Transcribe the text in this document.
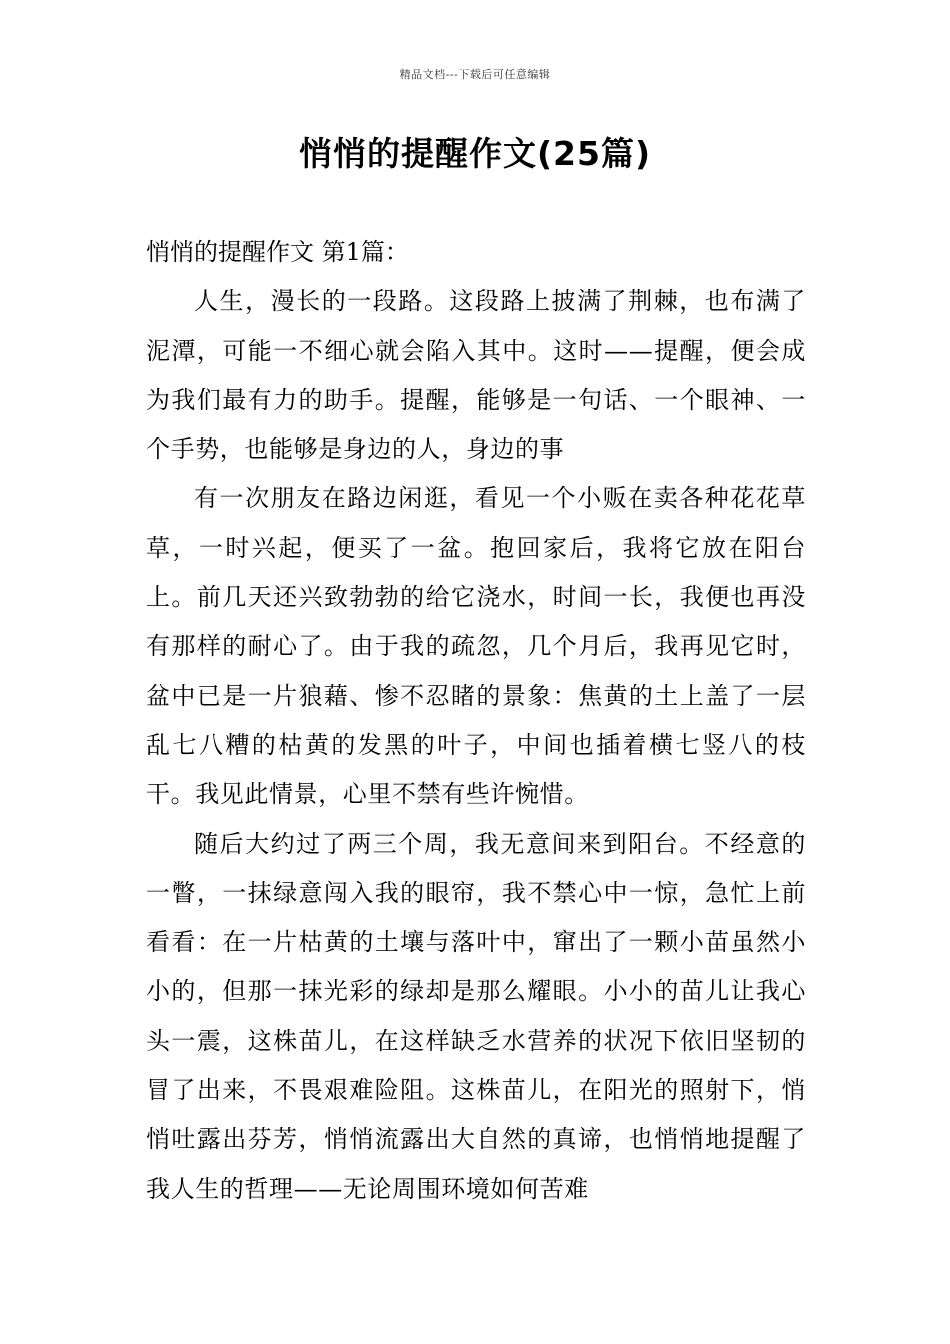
精品文档---下载后可任意编辑
悄悄的提醒作文(25篇)

悄悄的提醒作文 第1篇：

人生，漫长的一段路。这段路上披满了荆棘，也布满了泥潭，可能一不细心就会陷入其中。这时——提醒，便会成为我们最有力的助手。提醒，能够是一句话、一个眼神、一个手势，也能够是身边的人，身边的事

有一次朋友在路边闲逛，看见一个小贩在卖各种花花草草，一时兴起，便买了一盆。抱回家后，我将它放在阳台上。前几天还兴致勃勃的给它浇水，时间一长，我便也再没有那样的耐心了。由于我的疏忽，几个月后，我再见它时，盆中已是一片狼藉、惨不忍睹的景象：焦黄的土上盖了一层乱七八糟的枯黄的发黑的叶子，中间也插着横七竖八的枝干。我见此情景，心里不禁有些许惋惜。

随后大约过了两三个周，我无意间来到阳台。不经意的一瞥，一抹绿意闯入我的眼帘，我不禁心中一惊，急忙上前看看：在一片枯黄的土壤与落叶中，窜出了一颗小苗虽然小小的，但那一抹光彩的绿却是那么耀眼。小小的苗儿让我心头一震，这株苗儿，在这样缺乏水营养的状况下依旧坚韧的冒了出来，不畏艰难险阻。这株苗儿，在阳光的照射下，悄悄吐露出芬芳，悄悄流露出大自然的真谛，也悄悄地提醒了我人生的哲理——无论周围环境如何苦难
